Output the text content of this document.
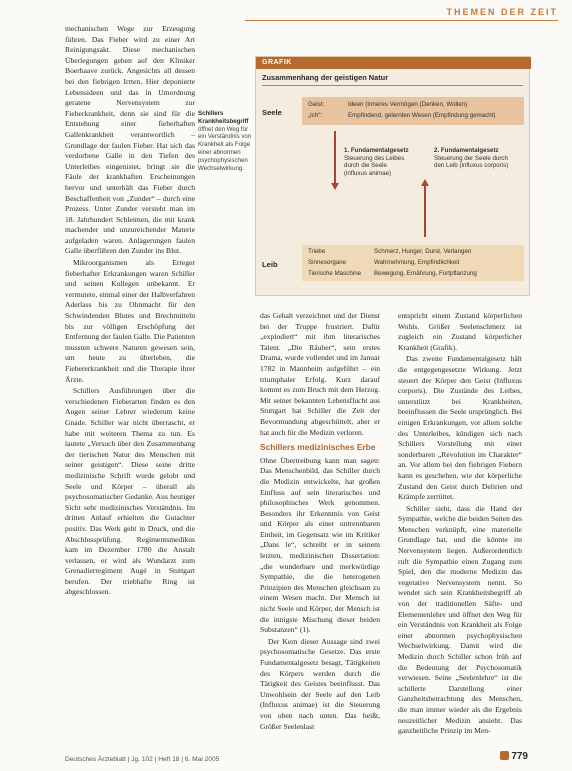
THEMEN DER ZEIT

mechanischen Wege zur Erzeugung führen. Das Fieber wird zu einer Art Reinigungsakt. Diese mechanischen Überlegungen gehen auf den Kliniker Boerhaave zurück. Angesichts all dessen bei den fiebrigen Irrten. Hier deponierte Lebensideen und das in Umordnung geratene Nervensystem zur Fieberkrankheit, denn sie sind für die Entstehung einer fieberhaften Gallenkrankheit verantwortlich – Grundlage der faulen Fieber. Hat sich das verdorbene Galle in den Tiefen des Unterleibes eingenistet, bringt sie die Fäule der krankhaften Erscheinungen hervor und unterhält das Fieber durch Beschaffenheit von „Zunder“ – durch eine Prozess. Unter Zunder versteht man im 18. Jahrhundert Schleimen, die mit krank machender und unzureichender Materie aufgeladen waren. Anlagerungen faulen Galle überführen den Zunder ins Blut.

Mikroorganismen als Erreger fieberhafter Erkrankungen waren Schiller und seinen Kollegen unbekannt. Er vermutete, einmal einer der Halbverfahren Aderlass bis zu Ohnmacht für den Schwindenden Blutes und Brechmitteln bis zur völligen Erschöpfung der Entfernung der faulen Galle. Die Patienten mussten schwere Naturen gewesen sein, um heute zu überleben, die Fiebererkrankheit und die Therapie ihrer Ärzte.

Schillers Ausführungen über die verschiedenen Fieberarten finden es den Augen seiner Lehrer wiederum keine Gnade. Schiller war nicht überrascht, er habe mit weiteren Thema zu tun. Es lautete „Versuch über den Zusammenhang der tierischen Natur des Menschen mit seiner geistigen“. Diese seine dritte medizinische Schrift wurde gelobt und Seele und Körper – überall als psychosomatischer Gedanke. Aus heutiger Sicht sehr medizinisches Verständnis. Im dritten Anlauf erhielten die Gutachter positiv. Das Werk geht in Druck, und die Abschlussprüfung. Regimentsmedikus kam im Dezember 1780 die Anstalt verlassen, er wird als Wundarzt zum Grenadierregiment Augé in Stuttgart berufen. Der triebhafte Ring ist abgeschlossen.

Schillers Krankheitsbegriff öffnet den Weg für ein Verständnis von Krankheit als Folge einer abnormen psychophysischen Wechselwirkung.
GRAFIK
Zusammenhang der geistigen Natur
Seele
Geist:	Ideen (Inneres Vermögen (Denken, Wollen)
„Ich“:	Empfindend, gelernten Wesen (Empfindung gemacht)
1. Fundamentalgesetz
Steuerung des Leibes
durch die Seele
(influxus animae)
2. Fundamentalgesetz
Steuerung der Seele durch
den Leib (influxus corporis)
Leib
Triebe	Schmerz, Hunger, Durst, Verlangen
Sinnesorgane	Wahrnehmung, Empfindlichkeit
Tierische Maschine Bewegung, Ernährung, Fortpflanzung

das Gehalt verzeichnet und der Dienst bei der Truppe frustriert. Dafür „explodiert“ mit ihm literarisches Talent. „Die Räuber“, sein erstes Drama, wurde vollendet und im Januar 1782 in Mannheim aufgeführt – ein triumphaler Erfolg. Kurz darauf kommt es zum Bruch mit dem Herzog. Mit seiner bekannten Lebensflucht aus Stuttgart hat Schiller die Zeit der Bevormundung abgeschüttelt, aber er hat auch für die Medizin verloren.

Schillers medizinisches Erbe

Ohne Übertreibung kann man sagen: Das Menschenbild, das Schiller durch die Medizin entwickelte, hat großen Einfluss auf sein literarisches und philosophisches Werk genommen. Besonders ihr Erkenntnis von Geist und Körper als einer untrennbaren Einheit, im Gegensatz wie im Kritiker „Dans le“, schreibt er in seinem letzten, medizinischen Dissertation: „die wunderbare und merkwürdige Sympathie, die die heterogenen Prinzipien des Menschen gleichsam zu einem Wesen macht. Der Mensch ist nicht Seele und Körper, der Mensch ist die innigste Mischung dieser beiden Substanzen“ (1).

Der Kern dieser Aussage sind zwei psychosomatische Gesetze. Das erste Fundamentalgesetz besagt, Tätigkeiten des Körpers werden durch die Tätigkeit des Geistes beeinflusst. Das Unwohlsein der Seele auf den Leib (Influxus animae) ist die Steuerung von oben nach unten. Das heißt, Größer Seelenlast

entspricht einem Zustand körperlichen Wohls. Größer Seelenschmerz ist zugleich ein Zustand körperlicher Krankheit (Grafik).

Das zweite Fundamentalgesetz hält die entgegengesetzte Wirkung. Jetzt steuert der Körper den Geist (Influxus corporis). Die Zustände des Leibes, unterstützt bei Krankheiten, beeinflussen die Seele ursprünglich. Bei einigen Erkrankungen, vor allem solche des Unterleibes, kündigen sich nach Schillers Vorstellung mit einer sonderbaren „Revolution im Charakter“ an. Vor allem bei den fiebrigen Fiebern kann es geschehen, wie der körperliche Zustand den Geist durch Delirien und Krämpfe zerrüttet.

Schiller sieht, dass die Hand der Sympathie, welche die beiden Seiten des Menschen verknüpft, eine materielle Grundlage hat, und die könnte im Nervensystem liegen. Außerordentlich ruft die Sympathie einen Zugang zum Spiel, den die moderne Medizin das vegetative Nervensystem nennt. So wendet sich sein Krankheitsbegriff ab von der traditionellen Säfte- und Elementenlehre und öffnet den Weg für ein Verständnis von Krankheit als Folge einer abnormen psychophysischen Wechselwirkung. Damit wird die Medizin durch Schiller schon früh auf die Bedeutung der Psychosomatik verwiesen. Seine „Seelenlehre“ ist die schillerte Darstellung einer Ganzheitsbetrachtung des Menschen, die man immer wieder als die Ergebnis neuzeitlicher Medizin ansieht. Das ganzheitliche Prinzip im Men-

Deutsches Ärzteblatt | Jg. 102 | Heft 18 | 6. Mai 2005	779
